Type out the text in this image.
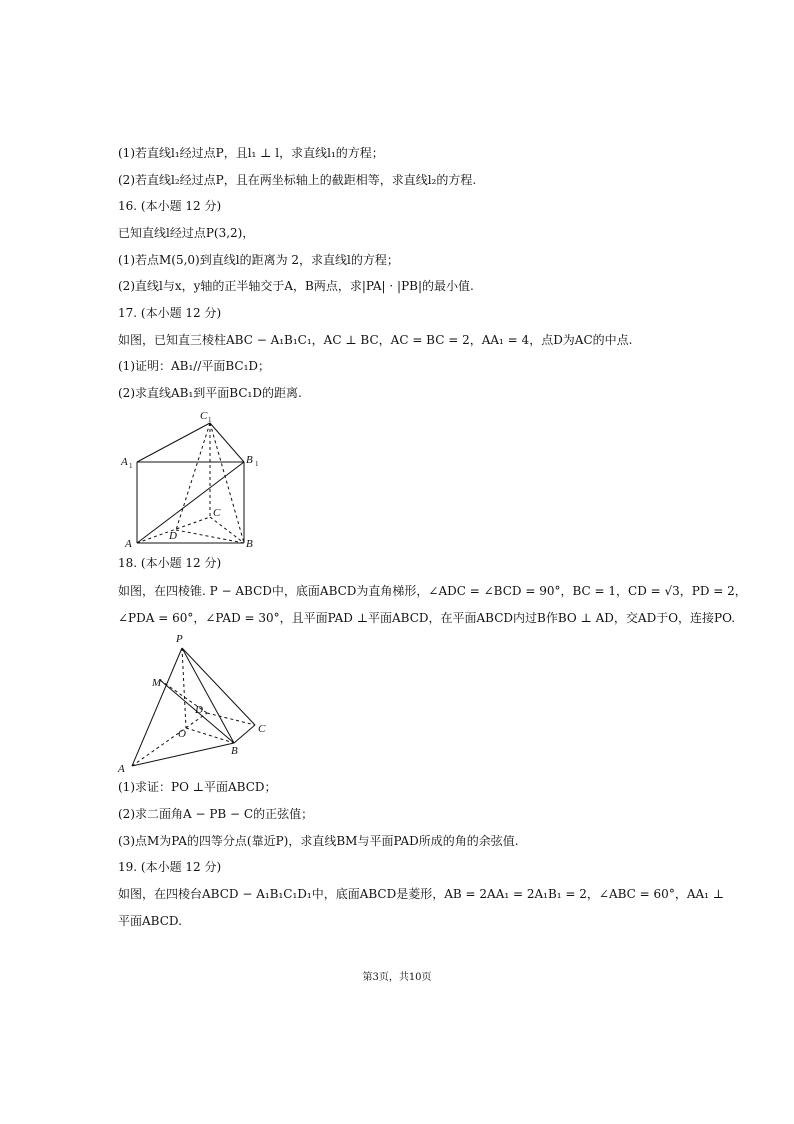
(1)若直线l₁经过点P，且l₁ ⊥ l，求直线l₁的方程；
(2)若直线l₂经过点P，且在两坐标轴上的截距相等，求直线l₂的方程.
16. (本小题 12 分)
已知直线l经过点P(3,2)，
(1)若点M(5,0)到直线l的距离为 2，求直线l的方程；
(2)直线l与x，y轴的正半轴交于A，B两点，求|PA| · |PB|的最小值.
17. (本小题 12 分)
如图，已知直三棱柱ABC − A₁B₁C₁，AC ⊥ BC，AC = BC = 2，AA₁ = 4，点D为AC的中点.
(1)证明：AB₁//平面BC₁D；
(2)求直线AB₁到平面BC₁D的距离.
C 1
A 1	B 1
C
D
A	B
18. (本小题 12 分)
如图，在四棱锥. P − ABCD中，底面ABCD为直角梯形，∠ADC = ∠BCD = 90°，BC = 1，CD = √3，PD = 2，
∠PDA = 60°，∠PAD = 30°，且平面PAD ⊥平面ABCD，在平面ABCD内过B作BO ⊥ AD，交AD于O，连接PO.
P
M
D
C
O
B
A
(1)求证：PO ⊥平面ABCD；
(2)求二面角A − PB − C的正弦值；
(3)点M为PA的四等分点(靠近P)，求直线BM与平面PAD所成的角的余弦值.
19. (本小题 12 分)
如图，在四棱台ABCD − A₁B₁C₁D₁中，底面ABCD是菱形，AB = 2AA₁ = 2A₁B₁ = 2，∠ABC = 60°，AA₁ ⊥
平面ABCD.
第3页，共10页
